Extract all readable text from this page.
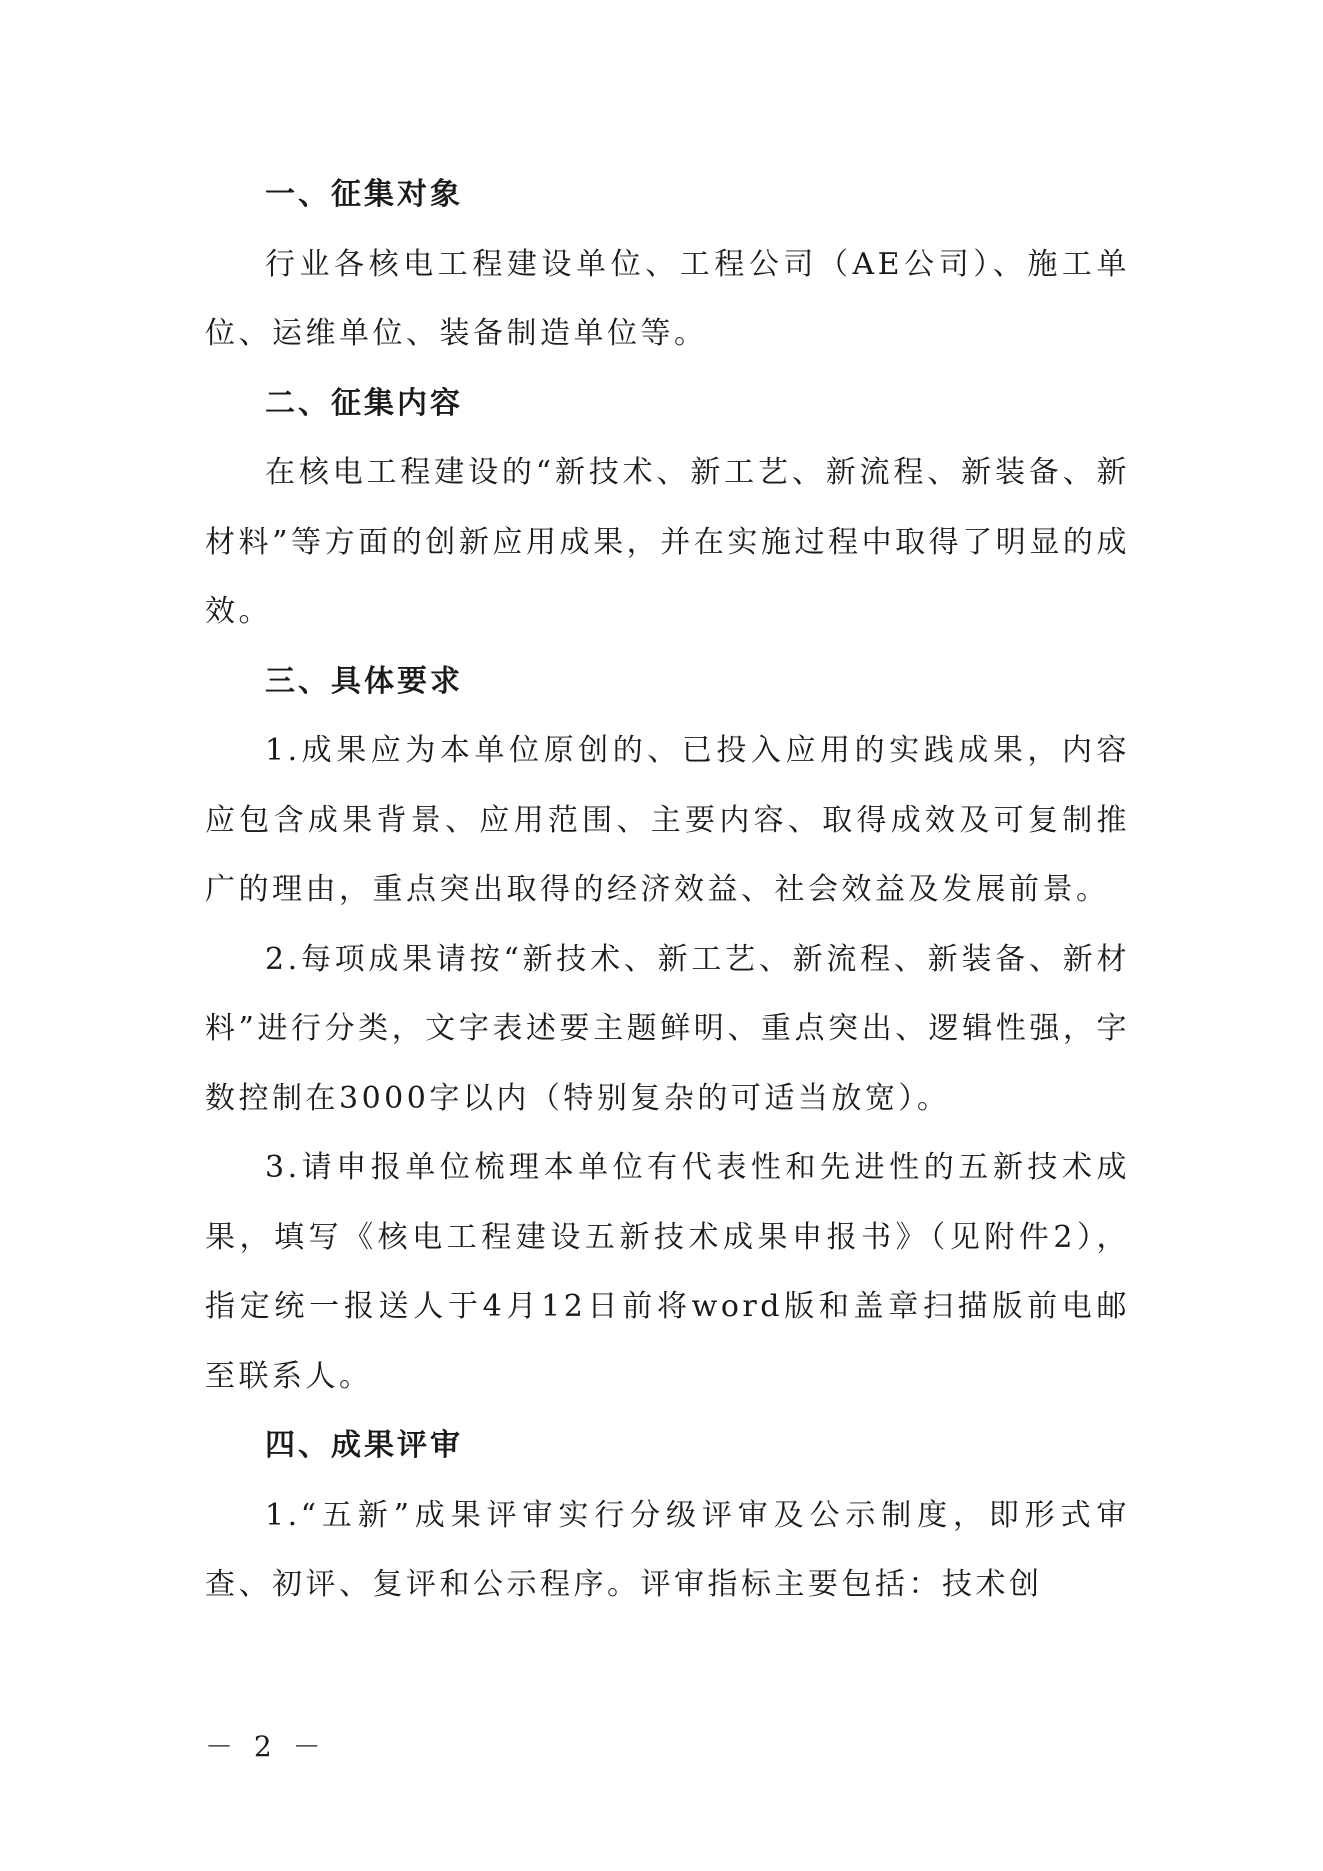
一、征集对象

行业各核电工程建设单位、工程公司（AE公司）、施工单位、运维单位、装备制造单位等。

二、征集内容

在核电工程建设的“新技术、新工艺、新流程、新装备、新材料”等方面的创新应用成果，并在实施过程中取得了明显的成效。

三、具体要求

1.成果应为本单位原创的、已投入应用的实践成果，内容应包含成果背景、应用范围、主要内容、取得成效及可复制推广的理由，重点突出取得的经济效益、社会效益及发展前景。

2.每项成果请按“新技术、新工艺、新流程、新装备、新材料”进行分类，文字表述要主题鲜明、重点突出、逻辑性强，字数控制在3000字以内（特别复杂的可适当放宽）。

3.请申报单位梳理本单位有代表性和先进性的五新技术成果，填写《核电工程建设五新技术成果申报书》（见附件2），指定统一报送人于4月12日前将word版和盖章扫描版前电邮至联系人。

四、成果评审

1.“五新”成果评审实行分级评审及公示制度，即形式审查、初评、复评和公示程序。评审指标主要包括：技术创

－ 2 －
